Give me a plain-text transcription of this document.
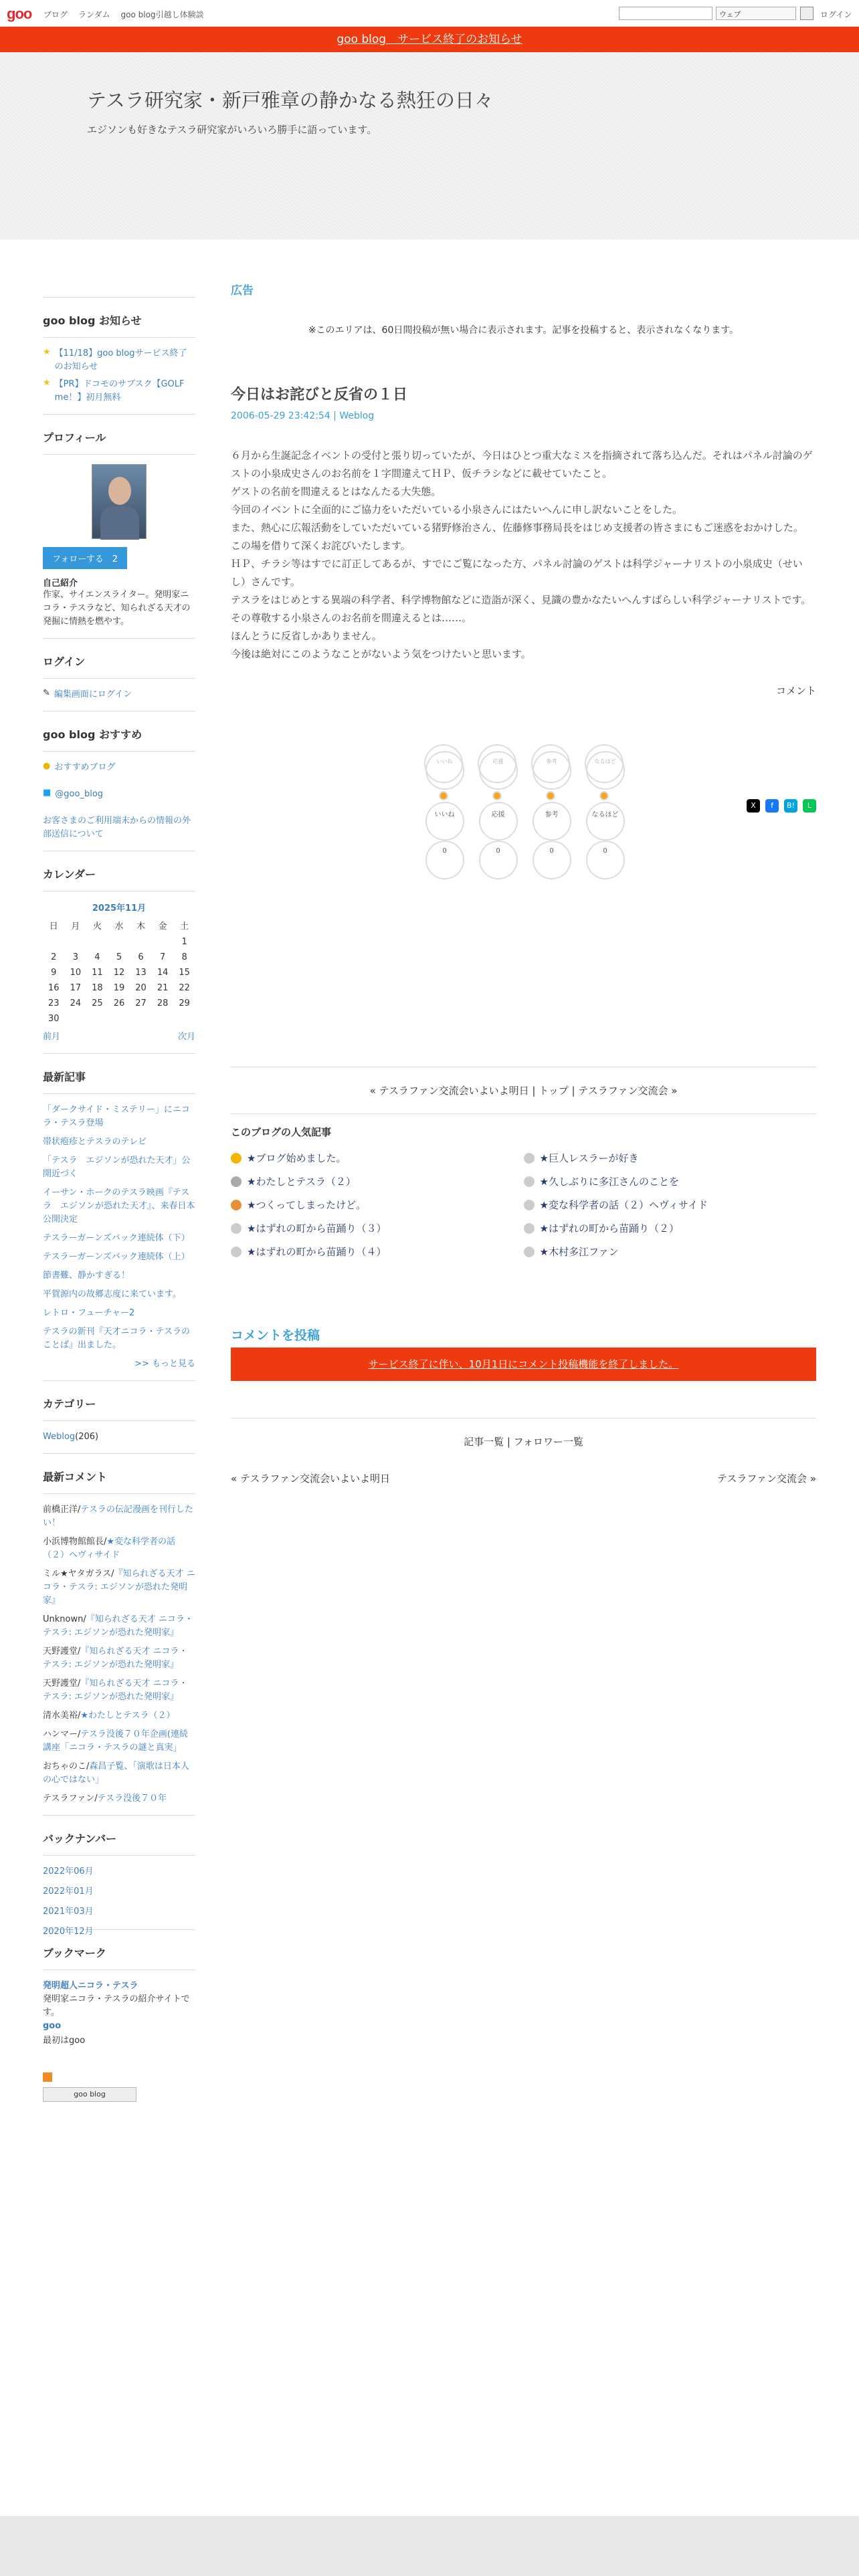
goo ブログ ランダム goo blog引越し体験談	ウェブ	ログイン
goo blog　サービス終了のお知らせ
テスラ研究家・新戸雅章の静かなる熱狂の日々
エジソンも好きなテスラ研究家がいろいろ勝手に語っています。
goo blog お知らせ
★ 【11/18】goo blogサービス終了のお知らせ
★ 【PR】ドコモのサブスク【GOLF me！】初月無料
プロフィール
フォローする　2
自己紹介
作家、サイエンスライター。発明家ニコラ・テスラなど、知られざる天才の発掘に情熱を燃やす。
ログイン
✎ 編集画面にログイン
goo blog おすすめ
● おすすめブログ
■ @goo_blog
お客さまのご利用端末からの情報の外部送信について
カレンダー
2025年11月
日	月	火	水	木	金	土
						1
2	3	4	5	6	7	8
9	10	11	12	13	14	15
16	17	18	19	20	21	22
23	24	25	26	27	28	29
30						
前月	次月
最新記事
「ダークサイド・ミステリー」にニコラ・テスラ登場
帯状疱疹とテスラのテレビ
「テスラ　エジソンが恐れた天才」公開近づく
イーサン・ホークのテスラ映画『テスラ　エジソンが恐れた天才』、来春日本公開決定
テスラーガーンズバック連続体（下）
テスラーガーンズバック連続体（上）
節書難、静かすぎる！
平賀源内の故郷志度に来ています。
レトロ・フューチャー2
テスラの新刊『天才ニコラ・テスラのことば』出ました。
>> もっと見る
カテゴリー
Weblog(206)
最新コメント
前橋正洋/テスラの伝記漫画を刊行したい！
小浜博物館館長/★変な科学者の話（２）ヘヴィサイド
ミル★ヤタガラス/『知られざる天才 ニコラ・テスラ: エジソンが恐れた発明家』
Unknown/『知られざる天才 ニコラ・テスラ: エジソンが恐れた発明家』
天野護堂/『知られざる天才 ニコラ・テスラ: エジソンが恐れた発明家』
天野護堂/『知られざる天才 ニコラ・テスラ: エジソンが恐れた発明家』
清水美裕/★わたしとテスラ（２）
ハンマー/テスラ没後７０年企画(連続講座「ニコラ・テスラの謎と真実」
おちゃのこ/森昌子覧、「演歌は日本人の心ではない」
テスラファン/テスラ没後７０年
バックナンバー
2022年06月
2022年01月
2021年03月
2020年12月
ブックマーク
発明超人ニコラ・テスラ
発明家ニコラ・テスラの紹介サイトです。
goo
最初はgoo
goo blog
広告
※このエリアは、60日間投稿が無い場合に表示されます。記事を投稿すると、表示されなくなります。
今日はお詫びと反省の１日
2006-05-29 23:42:54 | Weblog

６月から生誕記念イベントの受付と張り切っていたが、今日はひとつ重大なミスを指摘されて落ち込んだ。それはパネル討論のゲストの小泉成史さんのお名前を１字間違えてＨＰ、仮チラシなどに載せていたこと。

ゲストの名前を間違えるとはなんたる大失態。

今回のイベントに全面的にご協力をいただいている小泉さんにはたいへんに申し訳ないことをした。

また、熱心に広報活動をしていただいている猪野修治さん、佐藤修事務局長をはじめ支援者の皆さまにもご迷惑をおかけした。

この場を借りて深くお詫びいたします。

ＨＰ、チラシ等はすでに訂正してあるが、すでにご覧になった方、パネル討論のゲストは科学ジャーナリストの小泉成史（せいし）さんです。

テスラをはじめとする異端の科学者、科学博物館などに造詣が深く、見識の豊かなたいへんすばらしい科学ジャーナリストです。その尊敬する小泉さんのお名前を間違えるとは……。

ほんとうに反省しかありません。

今後は絶対にこのようなことがないよう気をつけたいと思います。

コメント
いいね
いいね
0
応援
応援
0
参考
参考
0
なるほど
なるほど
0
X	f	B!	L
« テスラファン交流会いよいよ明日 | トップ | テスラファン交流会 »
このブログの人気記事
★ブログ始めました。	★巨人レスラーが好き
★わたしとテスラ（２）	★久しぶりに多江さんのことを
★つくってしまったけど。	★変な科学者の話（２）ヘヴィサイド
★はずれの町から苗踊り（３）	★はずれの町から苗踊り（２）
★はずれの町から苗踊り（４）	★木村多江ファン
コメントを投稿
サービス終了に伴い、10月1日にコメント投稿機能を終了しました。
記事一覧 | フォロワー一覧
« テスラファン交流会いよいよ明日	テスラファン交流会 »
